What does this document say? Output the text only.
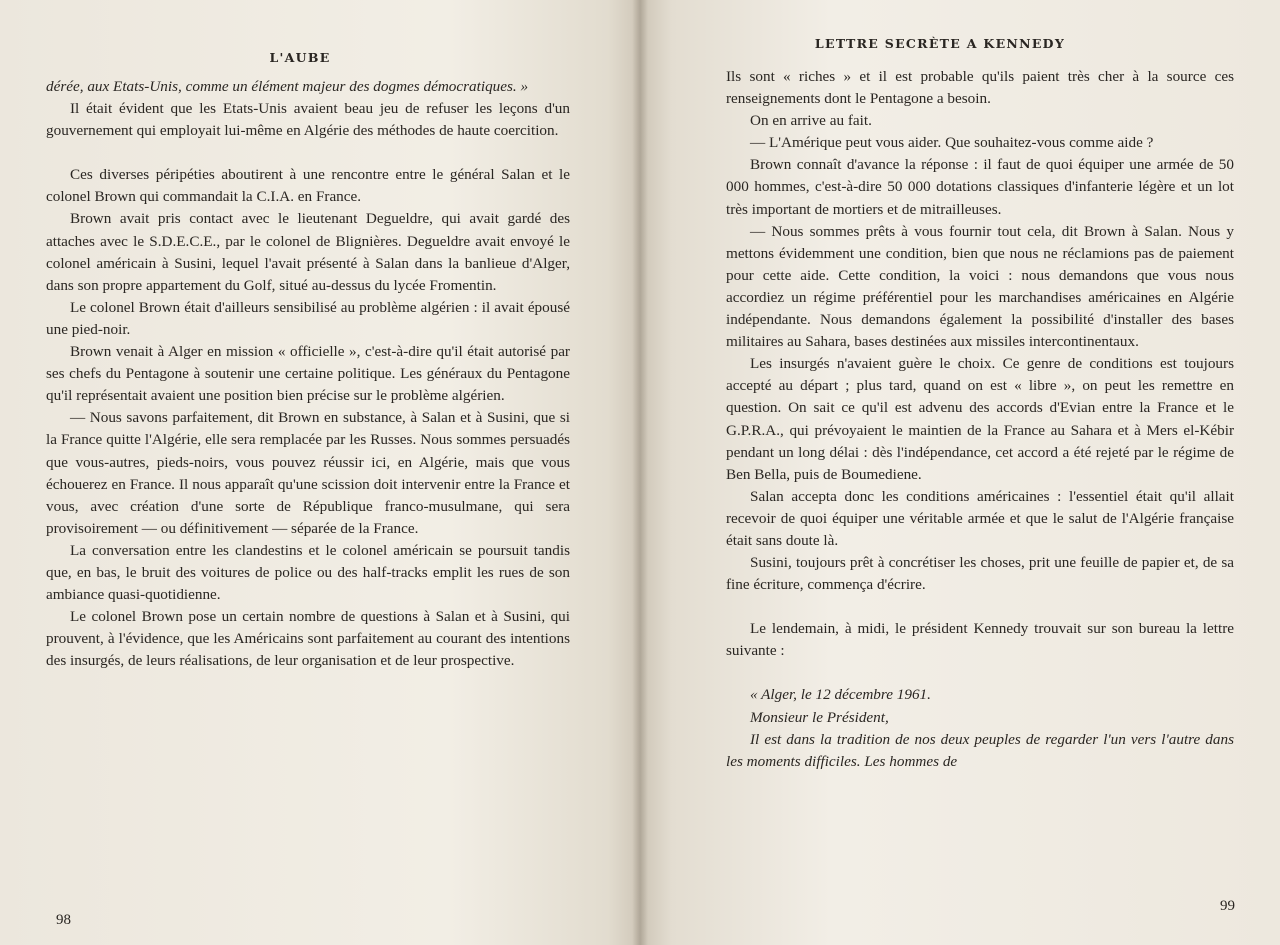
L'AUBE

dérée, aux Etats-Unis, comme un élément majeur des dogmes démocratiques. »

Il était évident que les Etats-Unis avaient beau jeu de refuser les leçons d'un gouvernement qui employait lui-même en Algérie des méthodes de haute coercition.

Ces diverses péripéties aboutirent à une rencontre entre le général Salan et le colonel Brown qui commandait la C.I.A. en France.

Brown avait pris contact avec le lieutenant Degueldre, qui avait gardé des attaches avec le S.D.E.C.E., par le colonel de Blignières. Degueldre avait envoyé le colonel américain à Susini, lequel l'avait présenté à Salan dans la banlieue d'Alger, dans son propre appartement du Golf, situé au-dessus du lycée Fromentin.

Le colonel Brown était d'ailleurs sensibilisé au problème algérien : il avait épousé une pied-noir.

Brown venait à Alger en mission « officielle », c'est-à-dire qu'il était autorisé par ses chefs du Pentagone à soutenir une certaine politique. Les généraux du Pentagone qu'il représentait avaient une position bien précise sur le problème algérien.

— Nous savons parfaitement, dit Brown en substance, à Salan et à Susini, que si la France quitte l'Algérie, elle sera remplacée par les Russes. Nous sommes persuadés que vous-autres, pieds-noirs, vous pouvez réussir ici, en Algérie, mais que vous échouerez en France. Il nous apparaît qu'une scission doit intervenir entre la France et vous, avec création d'une sorte de République franco-musulmane, qui sera provisoirement — ou définitivement — séparée de la France.

La conversation entre les clandestins et le colonel américain se poursuit tandis que, en bas, le bruit des voitures de police ou des half-tracks emplit les rues de son ambiance quasi-quotidienne.

Le colonel Brown pose un certain nombre de questions à Salan et à Susini, qui prouvent, à l'évidence, que les Américains sont parfaitement au courant des intentions des insurgés, de leurs réalisations, de leur organisation et de leur prospective.

98
LETTRE SECRÈTE A KENNEDY

Ils sont « riches » et il est probable qu'ils paient très cher à la source ces renseignements dont le Pentagone a besoin.

On en arrive au fait.

— L'Amérique peut vous aider. Que souhaitez-vous comme aide ?

Brown connaît d'avance la réponse : il faut de quoi équiper une armée de 50 000 hommes, c'est-à-dire 50 000 dotations classiques d'infanterie légère et un lot très important de mortiers et de mitrailleuses.

— Nous sommes prêts à vous fournir tout cela, dit Brown à Salan. Nous y mettons évidemment une condition, bien que nous ne réclamions pas de paiement pour cette aide. Cette condition, la voici : nous demandons que vous nous accordiez un régime préférentiel pour les marchandises américaines en Algérie indépendante. Nous demandons également la possibilité d'installer des bases militaires au Sahara, bases destinées aux missiles intercontinentaux.

Les insurgés n'avaient guère le choix. Ce genre de conditions est toujours accepté au départ ; plus tard, quand on est « libre », on peut les remettre en question. On sait ce qu'il est advenu des accords d'Evian entre la France et le G.P.R.A., qui prévoyaient le maintien de la France au Sahara et à Mers el-Kébir pendant un long délai : dès l'indépendance, cet accord a été rejeté par le régime de Ben Bella, puis de Boumediene.

Salan accepta donc les conditions américaines : l'essentiel était qu'il allait recevoir de quoi équiper une véritable armée et que le salut de l'Algérie française était sans doute là.

Susini, toujours prêt à concrétiser les choses, prit une feuille de papier et, de sa fine écriture, commença d'écrire.

Le lendemain, à midi, le président Kennedy trouvait sur son bureau la lettre suivante :

« Alger, le 12 décembre 1961.

Monsieur le Président,

Il est dans la tradition de nos deux peuples de regarder l'un vers l'autre dans les moments difficiles. Les hommes de

99
